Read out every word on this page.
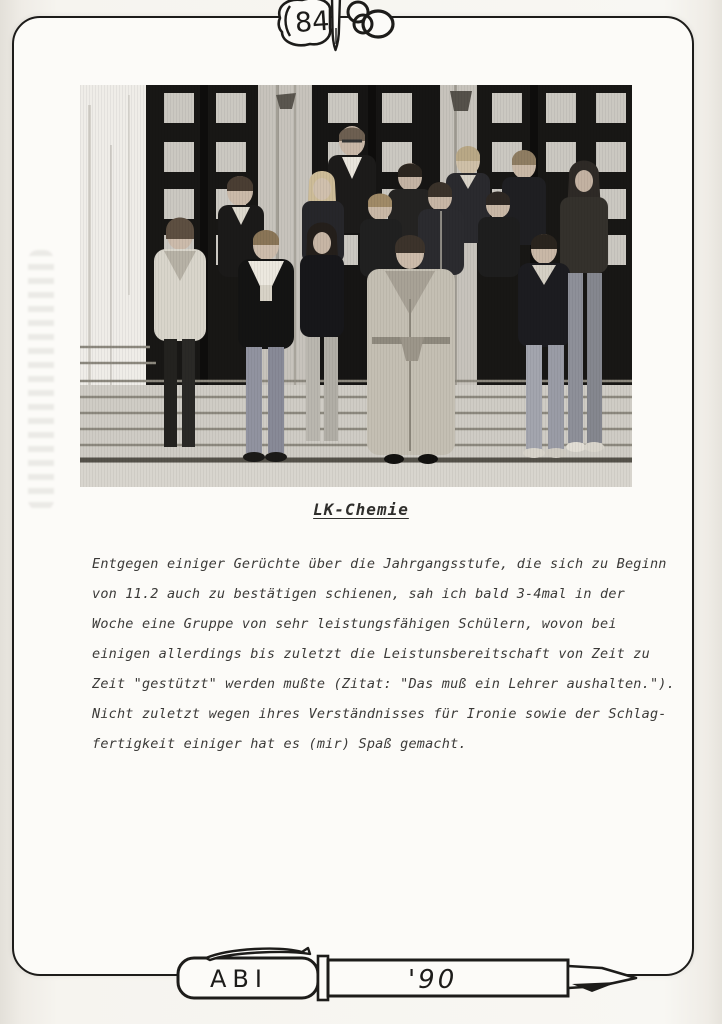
84
LK-Chemie
Entgegen einiger Gerüchte über die Jahrgangsstufe, die sich zu Beginn
von 11.2 auch zu bestätigen schienen, sah ich bald 3-4mal in der
Woche eine Gruppe von sehr leistungsfähigen Schülern, wovon bei
einigen allerdings bis zuletzt die Leistunsbereitschaft von Zeit zu
Zeit "gestützt" werden mußte (Zitat: "Das muß ein Lehrer aushalten.").
Nicht zuletzt wegen ihres Verständnisses für Ironie sowie der Schlag-
fertigkeit einiger hat es (mir) Spaß gemacht.
ABI	'90
